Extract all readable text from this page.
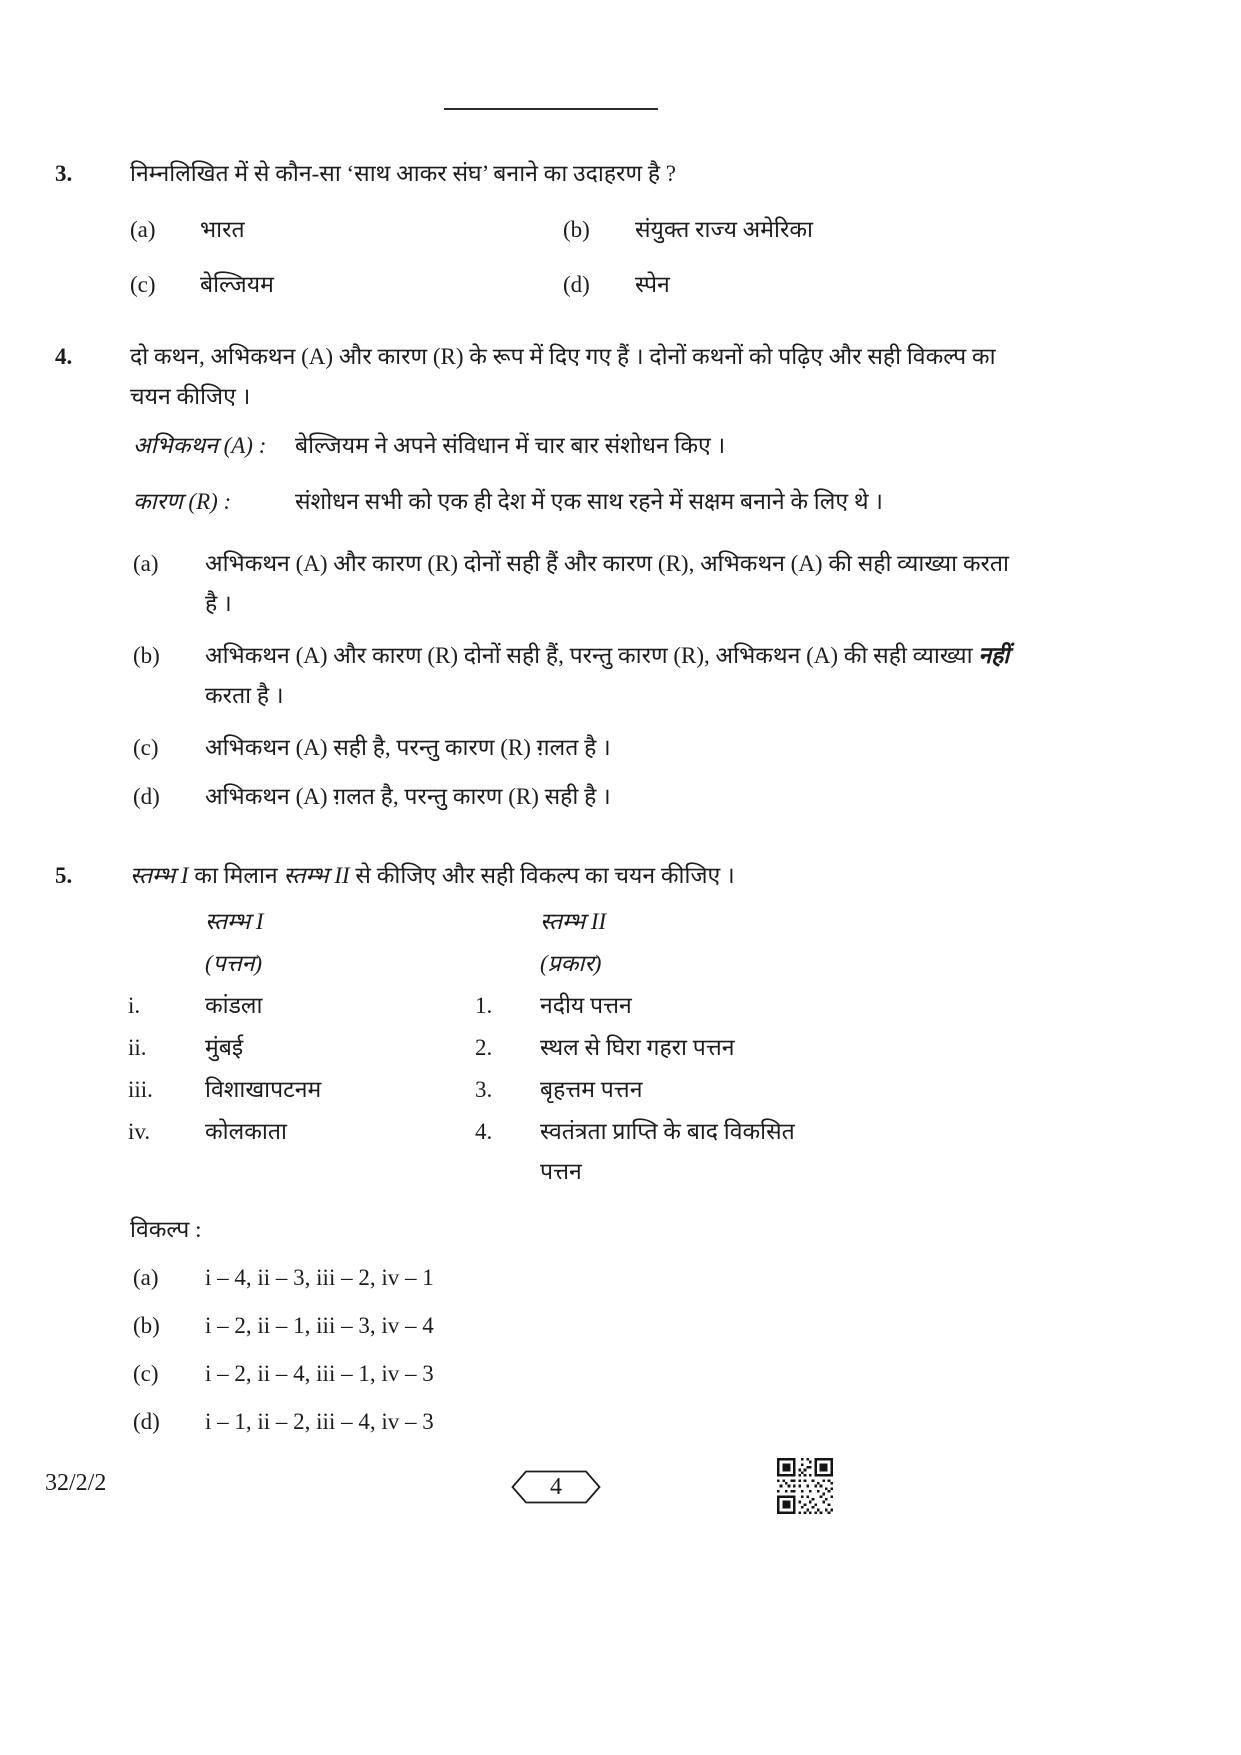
3.	निम्नलिखित में से कौन-सा ‘साथ आकर संघ’ बनाने का उदाहरण है ?
(a)	भारत	(b)	संयुक्त राज्य अमेरिका
(c)	बेल्जियम	(d)	स्पेन
4.	दो कथन, अभिकथन (A) और कारण (R) के रूप में दिए गए हैं । दोनों कथनों को पढ़िए और सही विकल्प का चयन कीजिए ।
अभिकथन (A) :	बेल्जियम ने अपने संविधान में चार बार संशोधन किए ।
कारण (R) :	संशोधन सभी को एक ही देश में एक साथ रहने में सक्षम बनाने के लिए थे ।
(a)	अभिकथन (A) और कारण (R) दोनों सही हैं और कारण (R), अभिकथन (A) की सही व्याख्या करता है ।
(b)	अभिकथन (A) और कारण (R) दोनों सही हैं, परन्तु कारण (R), अभिकथन (A) की सही व्याख्या नहीं करता है ।
(c)	अभिकथन (A) सही है, परन्तु कारण (R) ग़लत है ।
(d)	अभिकथन (A) ग़लत है, परन्तु कारण (R) सही है ।
5.	स्तम्भ I का मिलान स्तम्भ II से कीजिए और सही विकल्प का चयन कीजिए ।
स्तम्भ I	स्तम्भ II
(पत्तन)	(प्रकार)
i.	कांडला	1.	नदीय पत्तन
ii.	मुंबई	2.	स्थल से घिरा गहरा पत्तन
iii.	विशाखापटनम	3.	बृहत्तम पत्तन
iv.	कोलकाता	4.	स्वतंत्रता प्राप्ति के बाद विकसित पत्तन
विकल्प :
(a)	i – 4, ii – 3, iii – 2, iv – 1
(b)	i – 2, ii – 1, iii – 3, iv – 4
(c)	i – 2, ii – 4, iii – 1, iv – 3
(d)	i – 1, ii – 2, iii – 4, iv – 3
32/2/2	4
